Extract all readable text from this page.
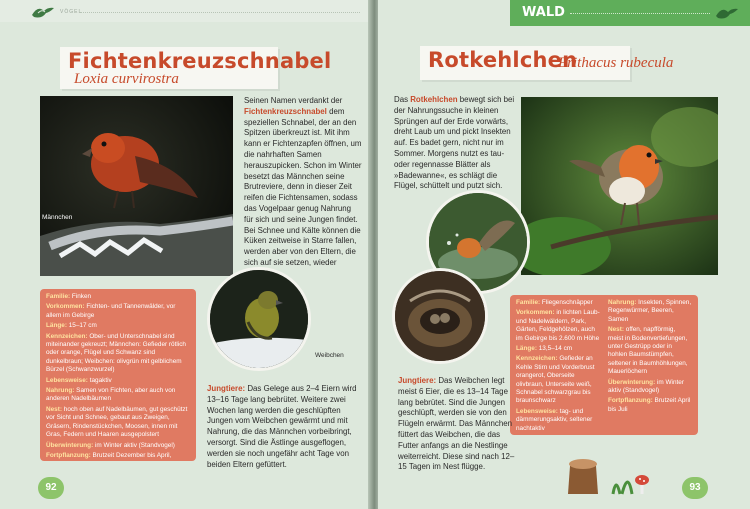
VÖGEL
Fichtenkreuzschnabel
Loxia curvirostra
Männchen
Seinen Namen verdankt der Fichtenkreuzschnabel dem speziellen Schnabel, der an den Spitzen überkreuzt ist. Mit ihm kann er Fichtenzapfen öffnen, um die nahrhaften Samen herauszupicken. Schon im Winter besetzt das Männchen seine Brutreviere, denn in dieser Zeit reifen die Fichtensamen, sodass das Vogelpaar genug Nahrung für sich und seine Jungen findet. Bei Schnee und Kälte können die Küken zeitweise in Starre fallen, werden aber von den Eltern, die sich auf sie setzen, wieder
Weibchen
Familie: Finken
Vorkommen: Fichten- und Tannenwälder, vor allem im Gebirge
Länge: 15–17 cm
Kennzeichen: Ober- und Unterschnabel sind miteinander gekreuzt; Männchen: Gefieder rötlich oder orange, Flügel und Schwanz sind dunkelbraun; Weibchen: olivgrün mit gelblichem Bürzel (Schwanzwurzel)
Lebensweise: tagaktiv
Nahrung: Samen von Fichten, aber auch von anderen Nadelbäumen
Nest: hoch oben auf Nadelbäumen, gut geschützt vor Sicht und Schnee, gebaut aus Zweigen, Gräsern, Rindenstückchen, Moosen, innen mit Gras, Federn und Haaren ausgepolstert
Überwinterung: im Winter aktiv (Standvogel)
Fortpflanzung: Brutzeit Dezember bis April,
Jungtiere: Das Gelege aus 2–4 Eiern wird 13–16 Tage lang bebrütet. Weitere zwei Wochen lang werden die geschlüpften Jungen vom Weibchen gewärmt und mit Nahrung, die das Männchen vorbeibringt, versorgt. Sind die Ästlinge ausgeflogen, werden sie noch ungefähr acht Tage von beiden Eltern gefüttert.
92
WALD
Rotkehlchen
Erithacus rubecula
Das Rotkehlchen bewegt sich bei der Nahrungssuche in kleinen Sprüngen auf der Erde vorwärts, dreht Laub um und pickt Insekten auf. Es badet gern, nicht nur im Sommer. Morgens nutzt es tau- oder regennasse Blätter als »Badewanne«, es schlägt die Flügel, schüttelt und putzt sich.
Familie: Fliegenschnäpper
Vorkommen: in lichten Laub- und Nadelwäldern, Park, Gärten, Feldgehölzen, auch im Gebirge bis 2.600 m Höhe
Länge: 13,5–14 cm
Kennzeichen: Gefieder an Kehle Stirn und Vorderbrust orangerot, Oberseite olivbraun, Unterseite weiß, Schnabel schwarzgrau bis braunschwarz
Lebensweise: tag- und dämmerungsaktiv, seltener nachtaktiv
Nahrung: Insekten, Spinnen, Regenwürmer, Beeren, Samen
Nest: offen, napfförmig, meist in Bodenvertiefungen, unter Gestrüpp oder in hohlen Baumstümpfen, seltener in Baumhöhlungen, Mauerlöchern
Überwinterung: im Winter aktiv (Standvogel)
Fortpflanzung: Brutzeit April bis Juli
Jungtiere: Das Weibchen legt meist 6 Eier, die es 13–14 Tage lang bebrütet. Sind die Jungen geschlüpft, werden sie von den Flügeln erwärmt. Das Männchen füttert das Weibchen, die das Futter anfangs an die Nestlinge weiterreicht. Diese sind nach 12–15 Tagen im Nest flügge.
93
